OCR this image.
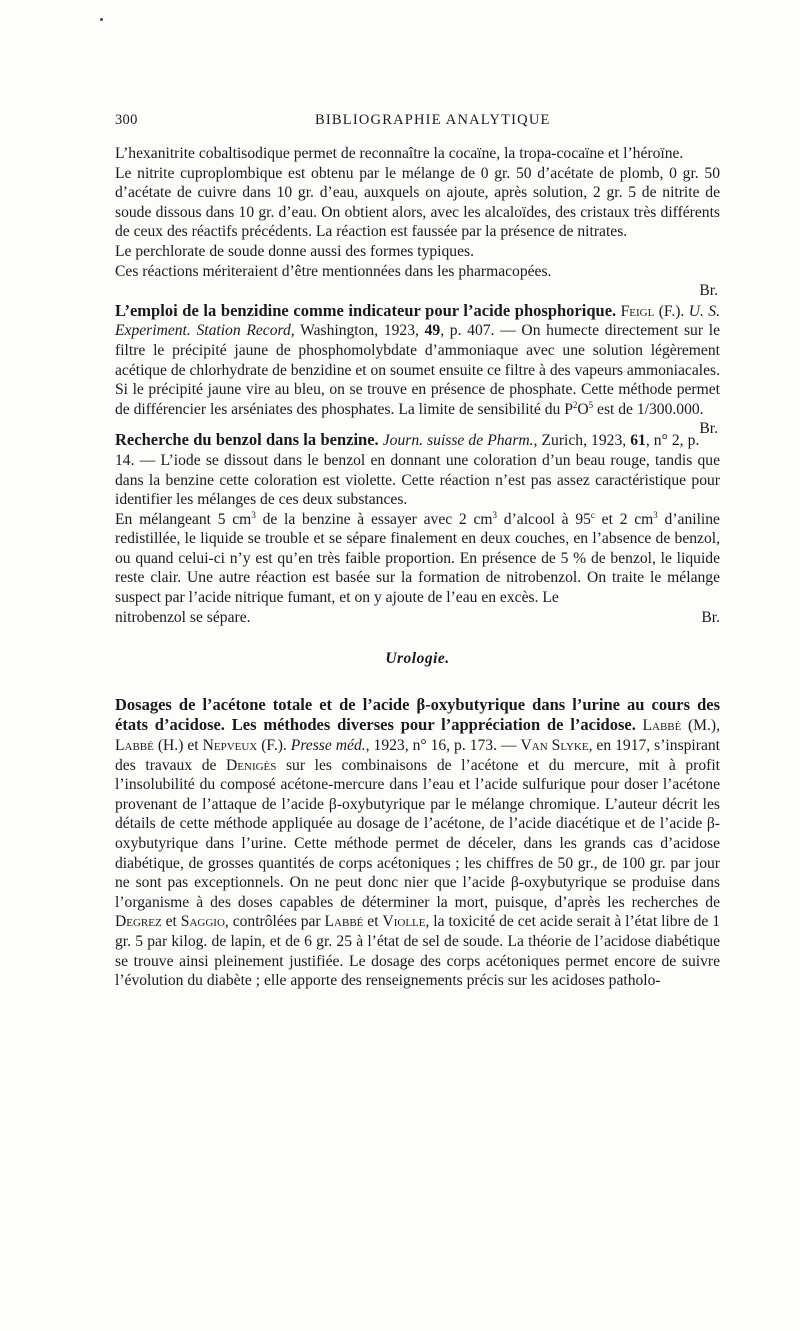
300	BIBLIOGRAPHIE ANALYTIQUE

L’hexanitrite cobaltisodique permet de reconnaître la cocaïne, la tropa-cocaïne et l’héroïne.

Le nitrite cuproplombique est obtenu par le mélange de 0 gr. 50 d’acétate de plomb, 0 gr. 50 d’acétate de cuivre dans 10 gr. d’eau, auxquels on ajoute, après solution, 2 gr. 5 de nitrite de soude dissous dans 10 gr. d’eau. On obtient alors, avec les alcaloïdes, des cristaux très différents de ceux des réactifs précédents. La réaction est faussée par la présence de nitrates.

Le perchlorate de soude donne aussi des formes typiques.

Ces réactions mériteraient d’être mentionnées dans les pharmacopées.

Br.

L’emploi de la benzidine comme indicateur pour l’acide phosphorique. Feigl (F.). U. S. Experiment. Station Record, Washington, 1923, 49, p. 407. — On humecte directement sur le filtre le précipité jaune de phosphomolybdate d’ammoniaque avec une solution légèrement acétique de chlorhydrate de benzidine et on soumet ensuite ce filtre à des vapeurs ammoniacales. Si le précipité jaune vire au bleu, on se trouve en présence de phosphate. Cette méthode permet de différencier les arséniates des phosphates. La limite de sensibilité du $P^2O^5$ est de 1/300.000.
Br.

Recherche du benzol dans la benzine. Journ. suisse de Pharm., Zurich, 1923, 61, n° 2, p. 14. — L’iode se dissout dans le benzol en donnant une coloration d’un beau rouge, tandis que dans la benzine cette coloration est violette. Cette réaction n’est pas assez caractéristique pour identifier les mélanges de ces deux substances.

En mélangeant 5 $cm^3$ de la benzine à essayer avec 2 $cm^3$ d’alcool à 95$^c$ et 2 $cm^3$ d’aniline redistillée, le liquide se trouble et se sépare finalement en deux couches, en l’absence de benzol, ou quand celui-ci n’y est qu’en très faible proportion. En présence de 5 % de benzol, le liquide reste clair. Une autre réaction est basée sur la formation de nitrobenzol. On traite le mélange suspect par l’acide nitrique fumant, et on y ajoute de l’eau en excès. Le

nitrobenzol se sépare.	Br.
Urologie.

Dosages de l’acétone totale et de l’acide β-oxybutyrique dans l’urine au cours des états d’acidose. Les méthodes diverses pour l’appréciation de l’acidose. Labbé (M.), Labbé (H.) et Nepveux (F.). Presse méd., 1923, n° 16, p. 173. — Van Slyke, en 1917, s’inspirant des travaux de Denigès sur les combinaisons de l’acétone et du mercure, mit à profit l’insolubilité du composé acétone-mercure dans l’eau et l’acide sulfurique pour doser l’acétone provenant de l’attaque de l’acide β-oxybutyrique par le mélange chromique. L’auteur décrit les détails de cette méthode appliquée au dosage de l’acétone, de l’acide diacétique et de l’acide β-oxybutyrique dans l’urine. Cette méthode permet de déceler, dans les grands cas d’acidose diabétique, de grosses quantités de corps acétoniques ; les chiffres de 50 gr., de 100 gr. par jour ne sont pas exceptionnels. On ne peut donc nier que l’acide β-oxybutyrique se produise dans l’organisme à des doses capables de déterminer la mort, puisque, d’après les recherches de Degrez et Saggio, contrôlées par Labbé et Violle, la toxicité de cet acide serait à l’état libre de 1 gr. 5 par kilog. de lapin, et de 6 gr. 25 à l’état de sel de soude. La théorie de l’acidose diabétique se trouve ainsi pleinement justifiée. Le dosage des corps acétoniques permet encore de suivre l’évolution du diabète ; elle apporte des renseignements précis sur les acidoses patholo-
